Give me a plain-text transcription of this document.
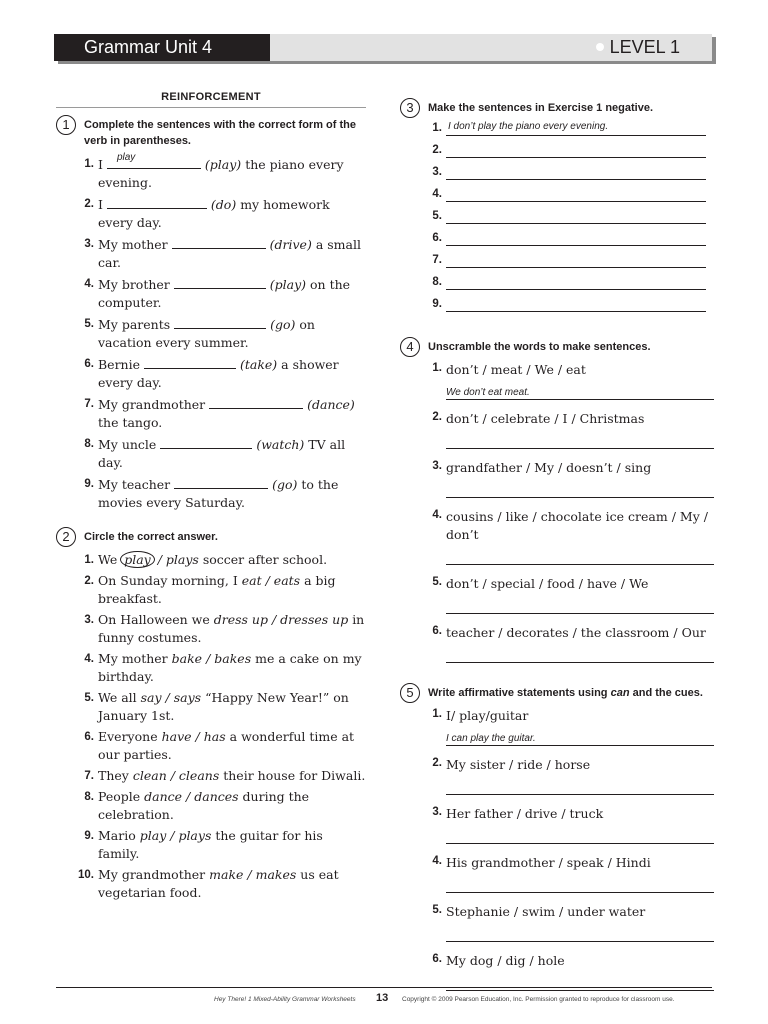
Grammar Unit 4	LEVEL 1
REINFORCEMENT
1	Complete the sentences with the correct form of the verb in parentheses.
1. I play	(play) the piano every evening.
2. I	(do) my homework every day.
3. My mother	(drive) a small car.
4. My brother	(play) on the computer.
5. My parents	(go) on vacation every summer.
6. Bernie	(take) a shower every day.
7. My grandmother	(dance) the tango.
8. My uncle	(watch) TV all day.
9. My teacher	(go) to the movies every Saturday.
2	Circle the correct answer.
1. We play / plays soccer after school.
2. On Sunday morning, I eat / eats a big breakfast.
3. On Halloween we dress up / dresses up in funny costumes.
4. My mother bake / bakes me a cake on my birthday.
5. We all say / says “Happy New Year!” on January 1st.
6. Everyone have / has a wonderful time at our parties.
7. They clean / cleans their house for Diwali.
8. People dance / dances during the celebration.
9. Mario play / plays the guitar for his family.
10. My grandmother make / makes us eat vegetarian food.
3	Make the sentences in Exercise 1 negative.
1. I don’t play the piano every evening.
2.
3.
4.
5.
6.
7.
8.
9.
4	Unscramble the words to make sentences.
1. don’t / meat / We / eat
We don’t eat meat.
2. don’t / celebrate / I / Christmas
3. grandfather / My / doesn’t / sing
4. cousins / like / chocolate ice cream / My / don’t
5. don’t / special / food / have / We
6. teacher / decorates / the classroom / Our
5	Write affirmative statements using can and the cues.
1. I/ play/guitar
I can play the guitar.
2. My sister / ride / horse
3. Her father / drive / truck
4. His grandmother / speak / Hindi
5. Stephanie / swim / under water
6. My dog / dig / hole
Hey There! 1 Mixed-Ability Grammar Worksheets 13 Copyright © 2009 Pearson Education, Inc. Permission granted to reproduce for classroom use.
